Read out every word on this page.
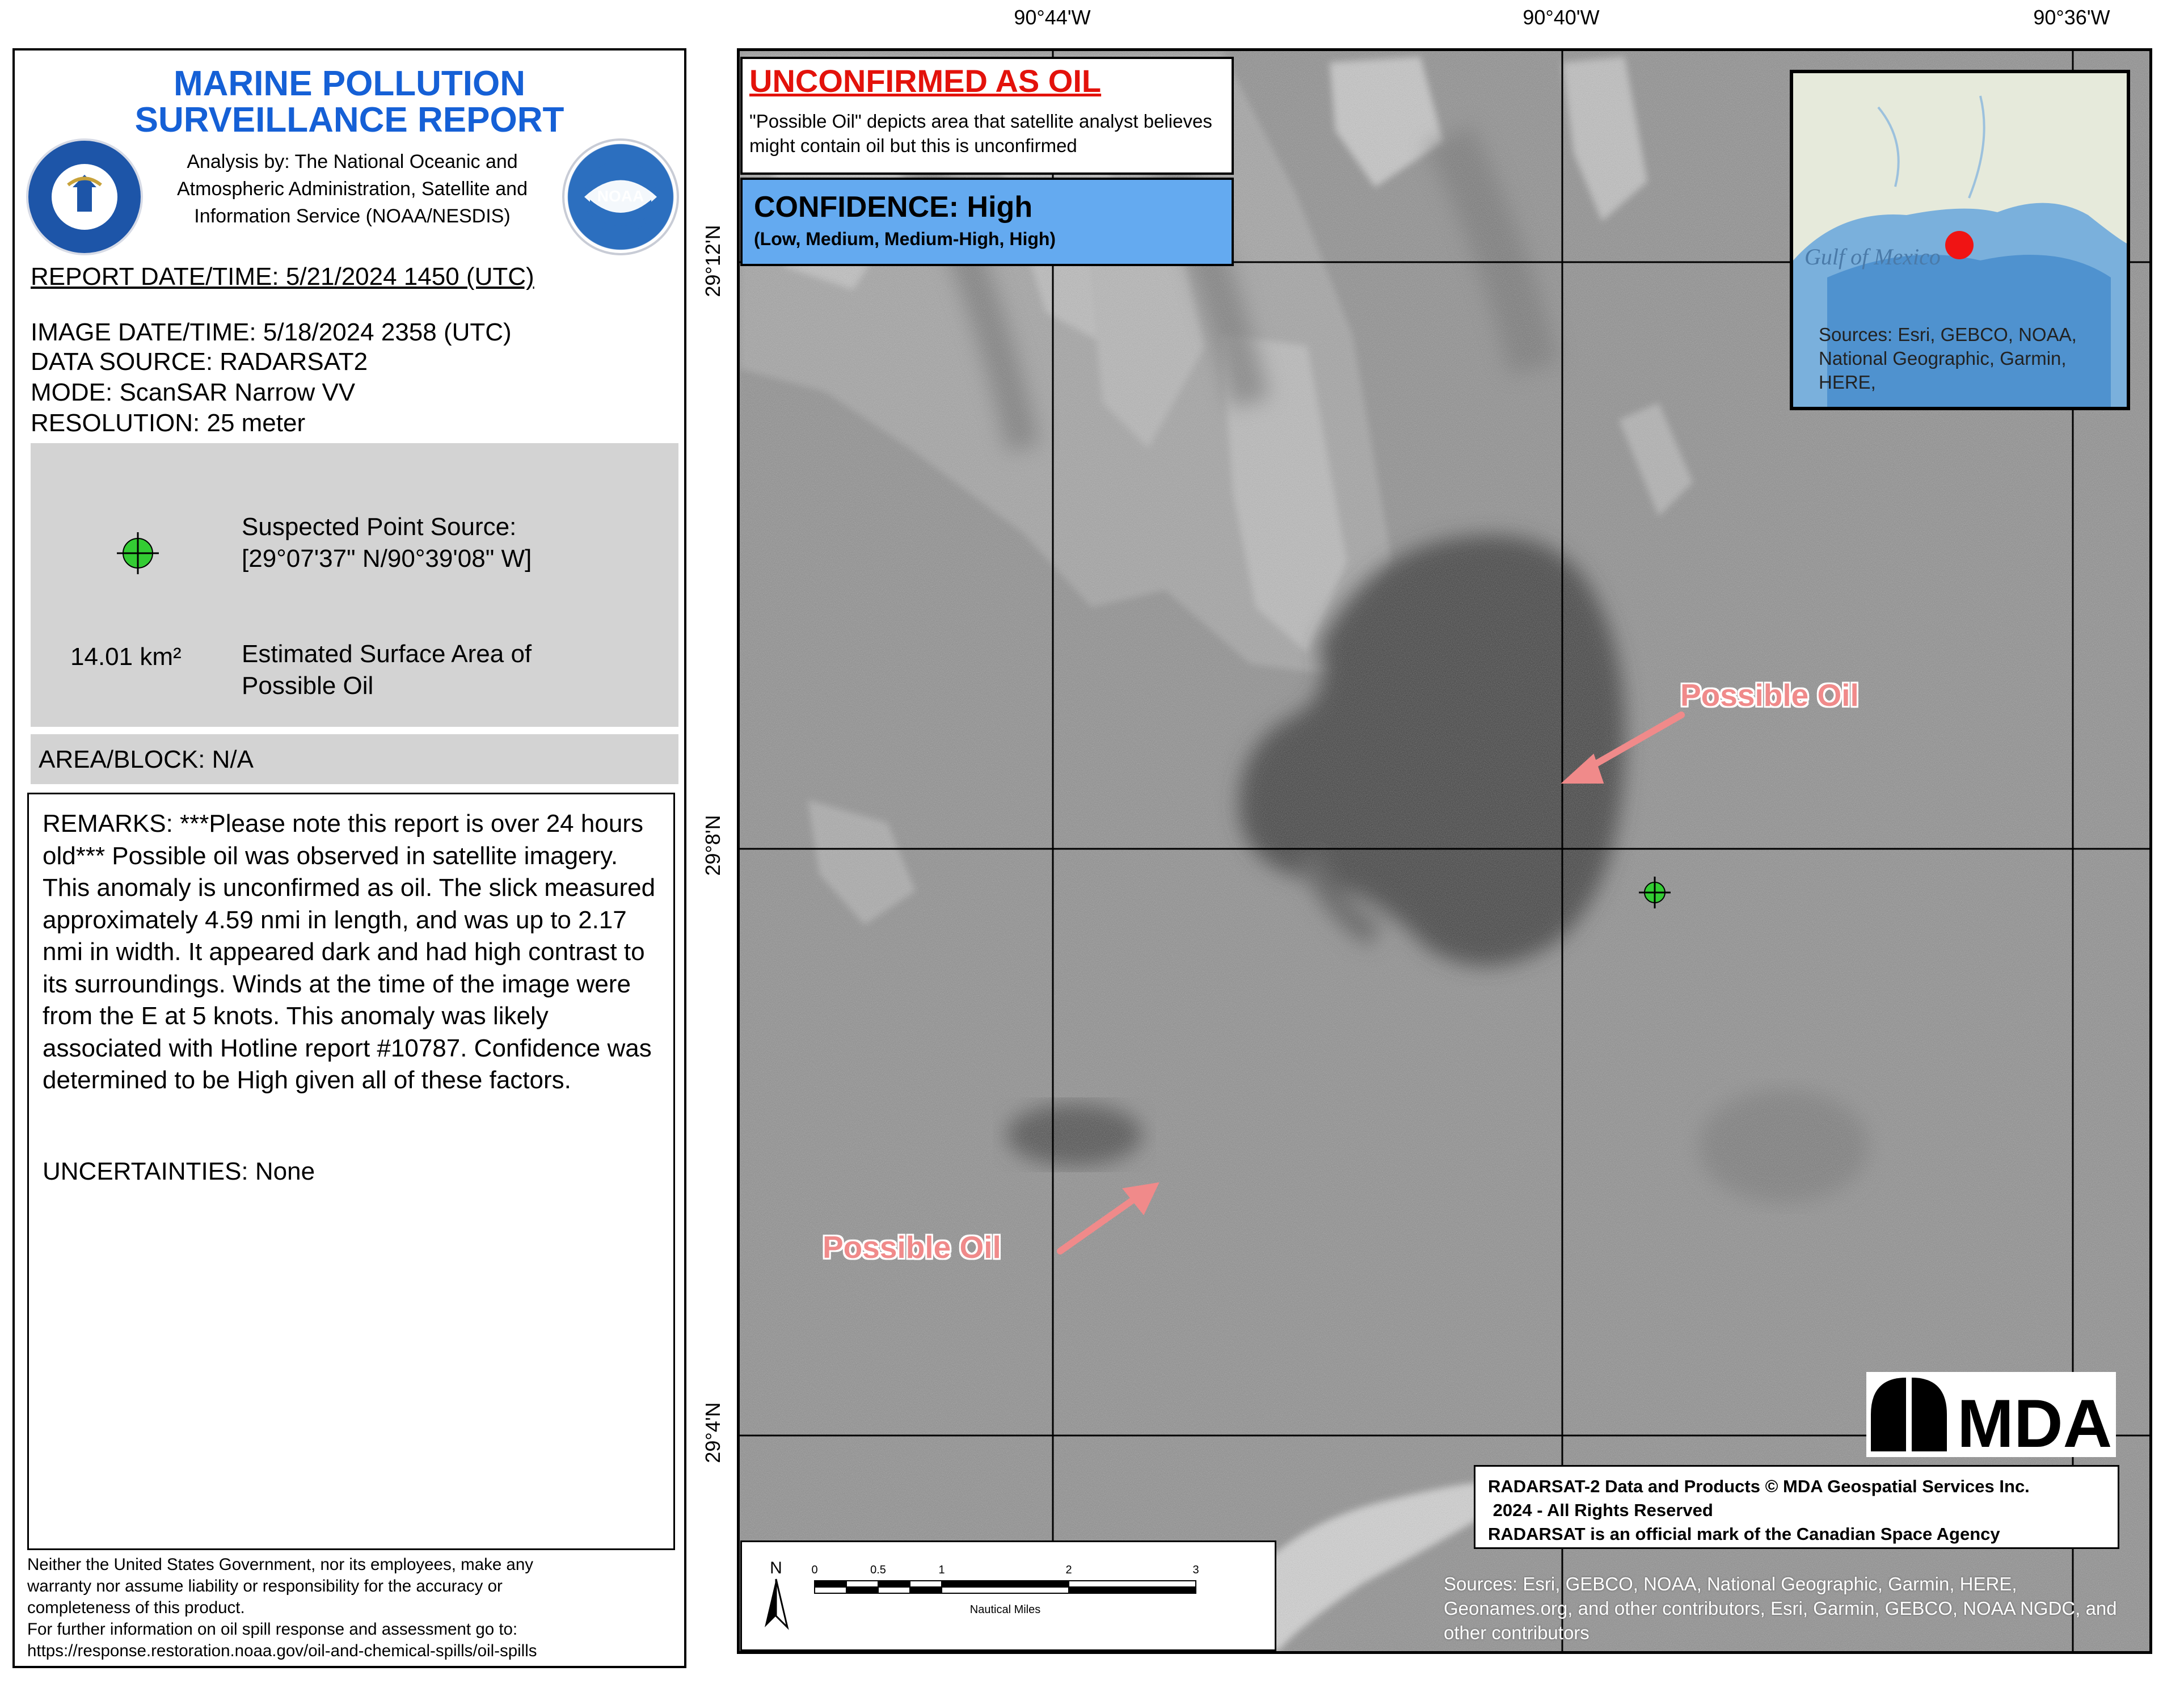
MARINE POLLUTION
SURVEILLANCE REPORT
Analysis by: The National Oceanic and Atmospheric Administration, Satellite and Information Service (NOAA/NESDIS)
NOAA
REPORT DATE/TIME: 5/21/2024 1450 (UTC)
IMAGE DATE/TIME: 5/18/2024 2358 (UTC)
DATA SOURCE: RADARSAT2
MODE: ScanSAR Narrow VV
RESOLUTION: 25 meter
Suspected Point Source:
[29°07'37" N/90°39'08" W]
14.01 km² Estimated Surface Area of
Possible Oil
AREA/BLOCK: N/A
REMARKS: ***Please note this report is over 24 hours old*** Possible oil was observed in satellite imagery. This anomaly is unconfirmed as oil. The slick measured approximately 4.59 nmi in length, and was up to 2.17 nmi in width. It appeared dark and had high contrast to its surroundings. Winds at the time of the image were from the E at 5 knots. This anomaly was likely associated with Hotline report #10787. Confidence was determined to be High given all of these factors.
UNCERTAINTIES: None
Neither the United States Government, nor its employees, make any
warranty nor assume liability or responsibility for the accuracy or
completeness of this product.
For further information on oil spill response and assessment go to:
https://response.restoration.noaa.gov/oil-and-chemical-spills/oil-spills
90°44'W	90°40'W	90°36'W
29°12'N
29°8'N
29°4'N
Possible Oil
Possible Oil
UNCONFIRMED AS OIL
"Possible Oil" depicts area that satellite analyst believes might contain oil but this is unconfirmed
CONFIDENCE: High
(Low, Medium, Medium-High, High)
Gulf of Mexico
Sources: Esri, GEBCO, NOAA, National Geographic, Garmin, HERE,
MDA
RADARSAT-2 Data and Products © MDA Geospatial Services Inc.
2024 - All Rights Reserved
RADARSAT is an official mark of the Canadian Space Agency
N	0	0.5	1	2	3
Nautical Miles
Sources: Esri, GEBCO, NOAA, National Geographic, Garmin, HERE, Geonames.org, and other contributors, Esri, Garmin, GEBCO, NOAA NGDC, and other contributors
